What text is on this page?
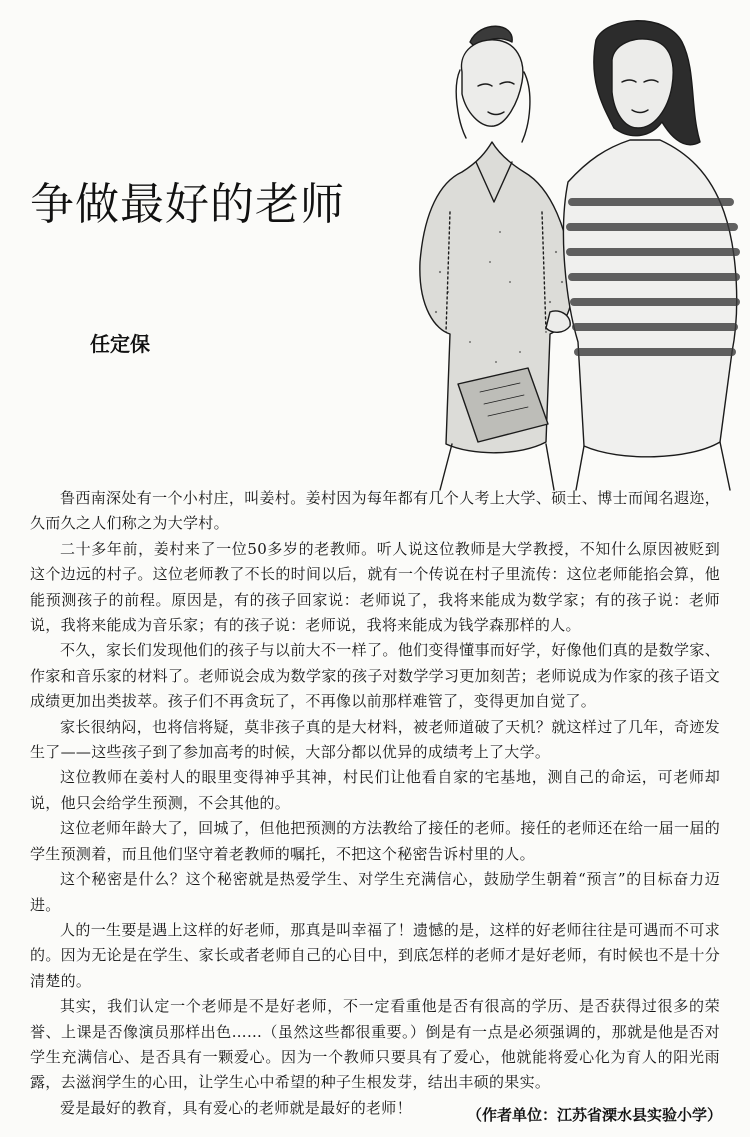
争做最好的老师

任定保

鲁西南深处有一个小村庄，叫姜村。姜村因为每年都有几个人考上大学、硕士、博士而闻名遐迩，久而久之人们称之为大学村。

二十多年前，姜村来了一位50多岁的老教师。听人说这位教师是大学教授，不知什么原因被贬到这个边远的村子。这位老师教了不长的时间以后，就有一个传说在村子里流传：这位老师能掐会算，他能预测孩子的前程。原因是，有的孩子回家说：老师说了，我将来能成为数学家；有的孩子说：老师说，我将来能成为音乐家；有的孩子说：老师说，我将来能成为钱学森那样的人。

不久，家长们发现他们的孩子与以前大不一样了。他们变得懂事而好学，好像他们真的是数学家、作家和音乐家的材料了。老师说会成为数学家的孩子对数学学习更加刻苦；老师说成为作家的孩子语文成绩更加出类拔萃。孩子们不再贪玩了，不再像以前那样难管了，变得更加自觉了。

家长很纳闷，也将信将疑，莫非孩子真的是大材料，被老师道破了天机？就这样过了几年，奇迹发生了——这些孩子到了参加高考的时候，大部分都以优异的成绩考上了大学。

这位教师在姜村人的眼里变得神乎其神，村民们让他看自家的宅基地，测自己的命运，可老师却说，他只会给学生预测，不会其他的。

这位老师年龄大了，回城了，但他把预测的方法教给了接任的老师。接任的老师还在给一届一届的学生预测着，而且他们坚守着老教师的嘱托，不把这个秘密告诉村里的人。

这个秘密是什么？这个秘密就是热爱学生、对学生充满信心，鼓励学生朝着“预言”的目标奋力迈进。

人的一生要是遇上这样的好老师，那真是叫幸福了！遗憾的是，这样的好老师往往是可遇而不可求的。因为无论是在学生、家长或者老师自己的心目中，到底怎样的老师才是好老师，有时候也不是十分清楚的。

其实，我们认定一个老师是不是好老师，不一定看重他是否有很高的学历、是否获得过很多的荣誉、上课是否像演员那样出色……（虽然这些都很重要。）倒是有一点是必须强调的，那就是他是否对学生充满信心、是否具有一颗爱心。因为一个教师只要具有了爱心，他就能将爱心化为育人的阳光雨露，去滋润学生的心田，让学生心中希望的种子生根发芽，结出丰硕的果实。

爱是最好的教育，具有爱心的老师就是最好的老师！	（作者单位：江苏省溧水县实验小学）
